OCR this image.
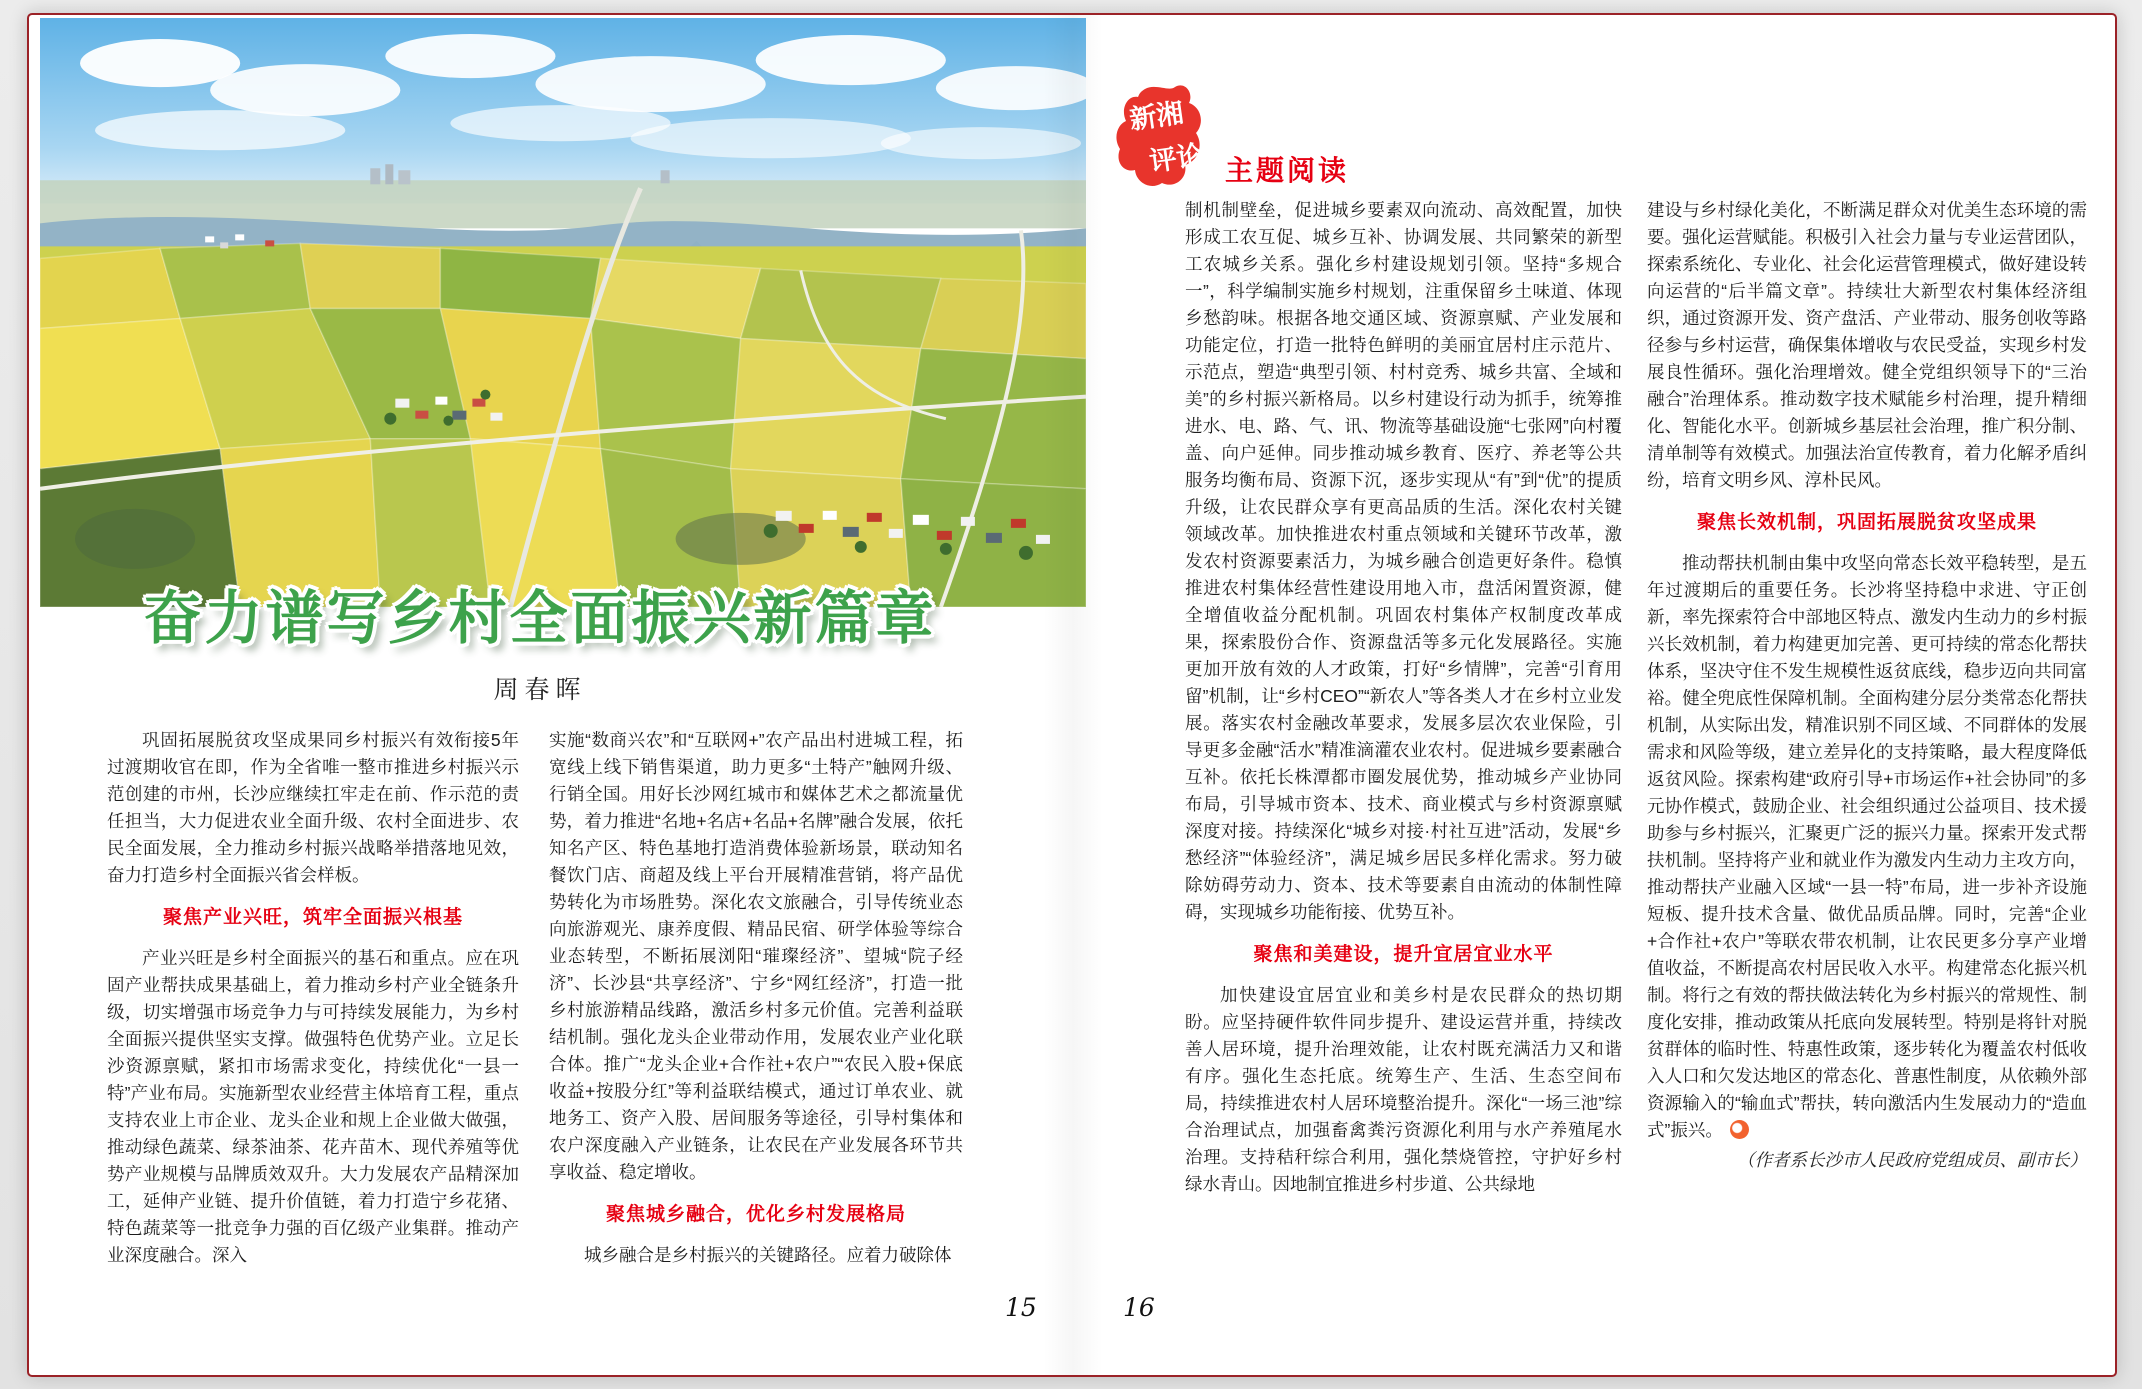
奋力谱写乡村全面振兴新篇章
周春晖
巩固拓展脱贫攻坚成果同乡村振兴有效衔接5年过渡期收官在即，作为全省唯一整市推进乡村振兴示范创建的市州，长沙应继续扛牢走在前、作示范的责任担当，大力促进农业全面升级、农村全面进步、农民全面发展，全力推动乡村振兴战略举措落地见效，奋力打造乡村全面振兴省会样板。
聚焦产业兴旺，筑牢全面振兴根基
产业兴旺是乡村全面振兴的基石和重点。应在巩固产业帮扶成果基础上，着力推动乡村产业全链条升级，切实增强市场竞争力与可持续发展能力，为乡村全面振兴提供坚实支撑。做强特色优势产业。立足长沙资源禀赋，紧扣市场需求变化，持续优化“一县一特”产业布局。实施新型农业经营主体培育工程，重点支持农业上市企业、龙头企业和规上企业做大做强，推动绿色蔬菜、绿茶油茶、花卉苗木、现代养殖等优势产业规模与品牌质效双升。大力发展农产品精深加工，延伸产业链、提升价值链，着力打造宁乡花猪、特色蔬菜等一批竞争力强的百亿级产业集群。推动产业深度融合。深入
实施“数商兴农”和“互联网+”农产品出村进城工程，拓宽线上线下销售渠道，助力更多“土特产”触网升级、行销全国。用好长沙网红城市和媒体艺术之都流量优势，着力推进“名地+名店+名品+名牌”融合发展，依托知名产区、特色基地打造消费体验新场景，联动知名餐饮门店、商超及线上平台开展精准营销，将产品优势转化为市场胜势。深化农文旅融合，引导传统业态向旅游观光、康养度假、精品民宿、研学体验等综合业态转型，不断拓展浏阳“璀璨经济”、望城“院子经济”、长沙县“共享经济”、宁乡“网红经济”，打造一批乡村旅游精品线路，激活乡村多元价值。完善利益联结机制。强化龙头企业带动作用，发展农业产业化联合体。推广“龙头企业+合作社+农户”“农民入股+保底收益+按股分红”等利益联结模式，通过订单农业、就地务工、资产入股、居间服务等途径，引导村集体和农户深度融入产业链条，让农民在产业发展各环节共享收益、稳定增收。
聚焦城乡融合，优化乡村发展格局
城乡融合是乡村振兴的关键路径。应着力破除体
新湘
评论 主题阅读
制机制壁垒，促进城乡要素双向流动、高效配置，加快形成工农互促、城乡互补、协调发展、共同繁荣的新型工农城乡关系。强化乡村建设规划引领。坚持“多规合一”，科学编制实施乡村规划，注重保留乡土味道、体现乡愁韵味。根据各地交通区域、资源禀赋、产业发展和功能定位，打造一批特色鲜明的美丽宜居村庄示范片、示范点，塑造“典型引领、村村竞秀、城乡共富、全域和美”的乡村振兴新格局。以乡村建设行动为抓手，统筹推进水、电、路、气、讯、物流等基础设施“七张网”向村覆盖、向户延伸。同步推动城乡教育、医疗、养老等公共服务均衡布局、资源下沉，逐步实现从“有”到“优”的提质升级，让农民群众享有更高品质的生活。深化农村关键领域改革。加快推进农村重点领域和关键环节改革，激发农村资源要素活力，为城乡融合创造更好条件。稳慎推进农村集体经营性建设用地入市，盘活闲置资源，健全增值收益分配机制。巩固农村集体产权制度改革成果，探索股份合作、资源盘活等多元化发展路径。实施更加开放有效的人才政策，打好“乡情牌”，完善“引育用留”机制，让“乡村CEO”“新农人”等各类人才在乡村立业发展。落实农村金融改革要求，发展多层次农业保险，引导更多金融“活水”精准滴灌农业农村。促进城乡要素融合互补。依托长株潭都市圈发展优势，推动城乡产业协同布局，引导城市资本、技术、商业模式与乡村资源禀赋深度对接。持续深化“城乡对接·村社互进”活动，发展“乡愁经济”“体验经济”，满足城乡居民多样化需求。努力破除妨碍劳动力、资本、技术等要素自由流动的体制性障碍，实现城乡功能衔接、优势互补。
聚焦和美建设，提升宜居宜业水平
加快建设宜居宜业和美乡村是农民群众的热切期盼。应坚持硬件软件同步提升、建设运营并重，持续改善人居环境，提升治理效能，让农村既充满活力又和谐有序。强化生态托底。统筹生产、生活、生态空间布局，持续推进农村人居环境整治提升。深化“一场三池”综合治理试点，加强畜禽粪污资源化利用与水产养殖尾水治理。支持秸秆综合利用，强化禁烧管控，守护好乡村绿水青山。因地制宜推进乡村步道、公共绿地
建设与乡村绿化美化，不断满足群众对优美生态环境的需要。强化运营赋能。积极引入社会力量与专业运营团队，探索系统化、专业化、社会化运营管理模式，做好建设转向运营的“后半篇文章”。持续壮大新型农村集体经济组织，通过资源开发、资产盘活、产业带动、服务创收等路径参与乡村运营，确保集体增收与农民受益，实现乡村发展良性循环。强化治理增效。健全党组织领导下的“三治融合”治理体系。推动数字技术赋能乡村治理，提升精细化、智能化水平。创新城乡基层社会治理，推广积分制、清单制等有效模式。加强法治宣传教育，着力化解矛盾纠纷，培育文明乡风、淳朴民风。
聚焦长效机制，巩固拓展脱贫攻坚成果
推动帮扶机制由集中攻坚向常态长效平稳转型，是五年过渡期后的重要任务。长沙将坚持稳中求进、守正创新，率先探索符合中部地区特点、激发内生动力的乡村振兴长效机制，着力构建更加完善、更可持续的常态化帮扶体系，坚决守住不发生规模性返贫底线，稳步迈向共同富裕。健全兜底性保障机制。全面构建分层分类常态化帮扶机制，从实际出发，精准识别不同区域、不同群体的发展需求和风险等级，建立差异化的支持策略，最大程度降低返贫风险。探索构建“政府引导+市场运作+社会协同”的多元协作模式，鼓励企业、社会组织通过公益项目、技术援助参与乡村振兴，汇聚更广泛的振兴力量。探索开发式帮扶机制。坚持将产业和就业作为激发内生动力主攻方向，推动帮扶产业融入区域“一县一特”布局，进一步补齐设施短板、提升技术含量、做优品质品牌。同时，完善“企业+合作社+农户”等联农带农机制，让农民更多分享产业增值收益，不断提高农村居民收入水平。构建常态化振兴机制。将行之有效的帮扶做法转化为乡村振兴的常规性、制度化安排，推动政策从托底向发展转型。特别是将针对脱贫群体的临时性、特惠性政策，逐步转化为覆盖农村低收入人口和欠发达地区的常态化、普惠性制度，从依赖外部资源输入的“输血式”帮扶，转向激活内生发展动力的“造血式”振兴。
（作者系长沙市人民政府党组成员、副市长）
15	16
